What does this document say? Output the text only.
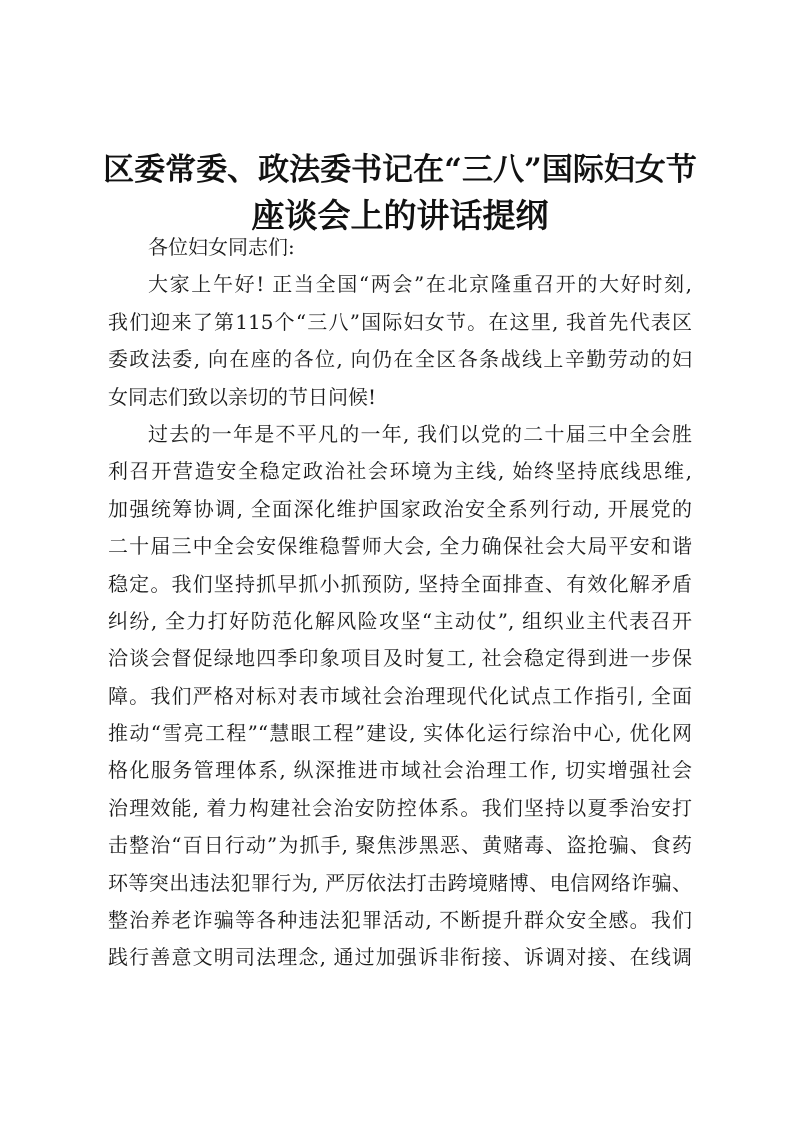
区委常委、政法委书记在“三八”国际妇女节
座谈会上的讲话提纲
各位妇女同志们:
大家上午好! 正当全国“两会”在北京隆重召开的大好时刻,
我们迎来了第115个“三八”国际妇女节。在这里, 我首先代表区
委政法委, 向在座的各位, 向仍在全区各条战线上辛勤劳动的妇
女同志们致以亲切的节日问候!
过去的一年是不平凡的一年, 我们以党的二十届三中全会胜
利召开营造安全稳定政治社会环境为主线, 始终坚持底线思维,
加强统筹协调, 全面深化维护国家政治安全系列行动, 开展党的
二十届三中全会安保维稳誓师大会, 全力确保社会大局平安和谐
稳定。我们坚持抓早抓小抓预防, 坚持全面排查、有效化解矛盾
纠纷, 全力打好防范化解风险攻坚“主动仗”, 组织业主代表召开
洽谈会督促绿地四季印象项目及时复工, 社会稳定得到进一步保
障。我们严格对标对表市域社会治理现代化试点工作指引, 全面
推动“雪亮工程”“慧眼工程”建设, 实体化运行综治中心, 优化网
格化服务管理体系, 纵深推进市域社会治理工作, 切实增强社会
治理效能, 着力构建社会治安防控体系。我们坚持以夏季治安打
击整治“百日行动”为抓手, 聚焦涉黑恶、黄赌毒、盗抢骗、食药
环等突出违法犯罪行为, 严厉依法打击跨境赌博、电信网络诈骗、
整治养老诈骗等各种违法犯罪活动, 不断提升群众安全感。我们
践行善意文明司法理念, 通过加强诉非衔接、诉调对接、在线调
